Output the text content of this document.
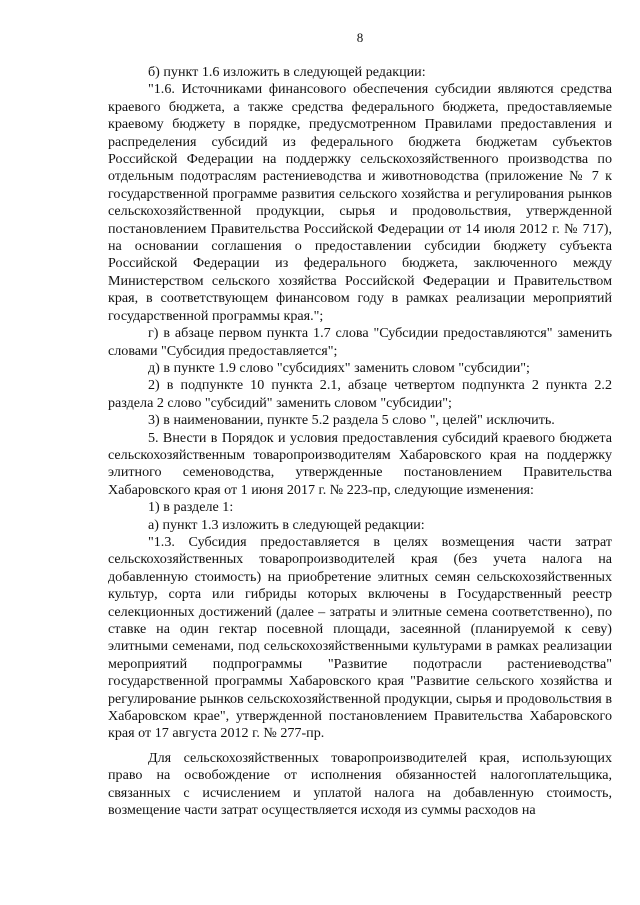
8

б) пункт 1.6 изложить в следующей редакции:

"1.6. Источниками финансового обеспечения субсидии являются средства краевого бюджета, а также средства федерального бюджета, предоставляемые краевому бюджету в порядке, предусмотренном Правилами предоставления и распределения субсидий из федерального бюджета бюджетам субъектов Российской Федерации на поддержку сельскохозяйственного производства по отдельным подотраслям растениеводства и животноводства (приложение № 7 к государственной программе развития сельского хозяйства и регулирования рынков сельскохозяйственной продукции, сырья и продовольствия, утвержденной постановлением Правительства Российской Федерации от 14 июля 2012 г. № 717), на основании соглашения о предоставлении субсидии бюджету субъекта Российской Федерации из федерального бюджета, заключенного между Министерством сельского хозяйства Российской Федерации и Правительством края, в соответствующем финансовом году в рамках реализации мероприятий государственной программы края.";

г) в абзаце первом пункта 1.7 слова "Субсидии предоставляются" заменить словами "Субсидия предоставляется";

д) в пункте 1.9 слово "субсидиях" заменить словом "субсидии";

2) в подпункте 10 пункта 2.1, абзаце четвертом подпункта 2 пункта 2.2 раздела 2 слово "субсидий" заменить словом "субсидии";

3) в наименовании, пункте 5.2 раздела 5 слово ", целей" исключить.

5. Внести в Порядок и условия предоставления субсидий краевого бюджета сельскохозяйственным товаропроизводителям Хабаровского края на поддержку элитного семеноводства, утвержденные постановлением Правительства Хабаровского края от 1 июня 2017 г. № 223-пр, следующие изменения:

1) в разделе 1:

а) пункт 1.3 изложить в следующей редакции:

"1.3. Субсидия предоставляется в целях возмещения части затрат сельскохозяйственных товаропроизводителей края (без учета налога на добавленную стоимость) на приобретение элитных семян сельскохозяйственных культур, сорта или гибриды которых включены в Государственный реестр селекционных достижений (далее – затраты и элитные семена соответственно), по ставке на один гектар посевной площади, засеянной (планируемой к севу) элитными семенами, под сельскохозяйственными культурами в рамках реализации мероприятий подпрограммы "Развитие подотрасли растениеводства" государственной программы Хабаровского края "Развитие сельского хозяйства и регулирование рынков сельскохозяйственной продукции, сырья и продовольствия в Хабаровском крае", утвержденной постановлением Правительства Хабаровского края от 17 августа 2012 г. № 277-пр.

Для сельскохозяйственных товаропроизводителей края, использующих право на освобождение от исполнения обязанностей налогоплательщика, связанных с исчислением и уплатой налога на добавленную стоимость, возмещение части затрат осуществляется исходя из суммы расходов на
